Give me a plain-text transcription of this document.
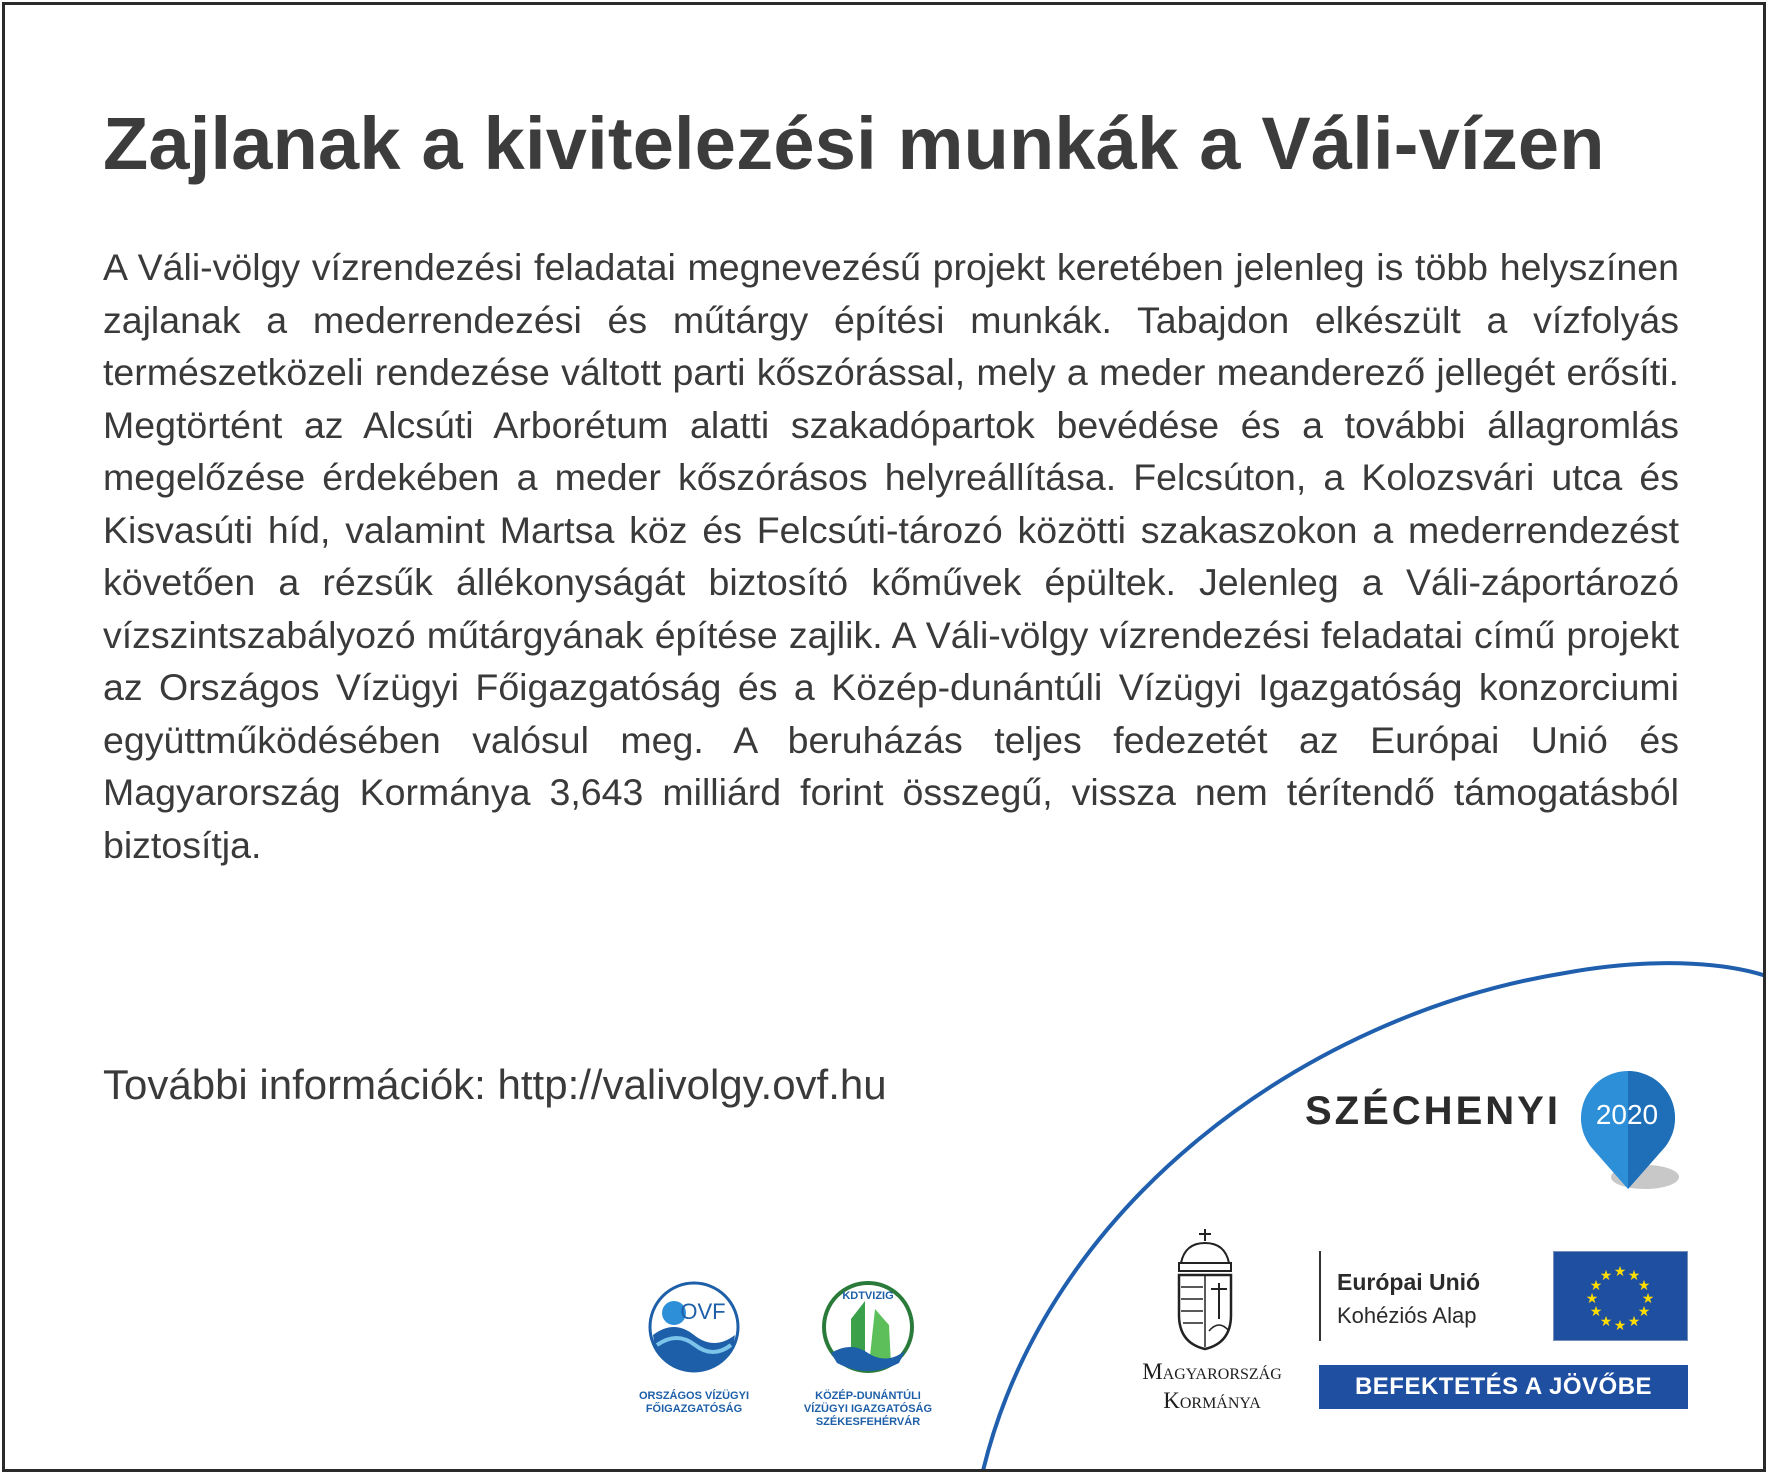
Zajlanak a kivitelezési munkák a Váli-vízen

A Váli-völgy vízrendezési feladatai megnevezésű projekt keretében jelenleg is több helyszínen zajlanak a mederrendezési és műtárgy építési munkák. Tabajdon elkészült a vízfolyás természetközeli rendezése váltott parti kőszórással, mely a meder meanderező jellegét erősíti. Megtörtént az Alcsúti Arborétum alatti szakadópartok bevédése és a további állagromlás megelőzése érdekében a meder kőszórásos helyreállítása. Felcsúton, a Kolozsvári utca és Kisvasúti híd, valamint Martsa köz és Felcsúti-tározó közötti szakaszokon a mederrendezést követően a rézsűk állékonyságát biztosító kőművek épültek. Jelenleg a Váli-záportározó vízszintszabályozó műtárgyának építése zajlik. A Váli-völgy vízrendezési feladatai című projekt az Országos Vízügyi Főigazgatóság és a Közép-dunántúli Vízügyi Igazgatóság konzorciumi együttműködésében valósul meg. A beruházás teljes fedezetét az Európai Unió és Magyarország Kormánya 3,643 milliárd forint összegű, vissza nem térítendő támogatásból biztosítja.

További információk: http://valivolgy.ovf.hu
SZÉCHENYI	2020
OVF
ORSZÁGOS VÍZÜGYI
FŐIGAZGATÓSÁG
KDTVIZIG
KÖZÉP-DUNÁNTÚLI
VÍZÜGYI IGAZGATÓSÁG
SZÉKESFEHÉRVÁR
Magyarország
Kormánya
Európai Unió
Kohéziós Alap
★ ★
★
★
★
★
★
★
★
★
★
★
BEFEKTETÉS A JÖVŐBE
